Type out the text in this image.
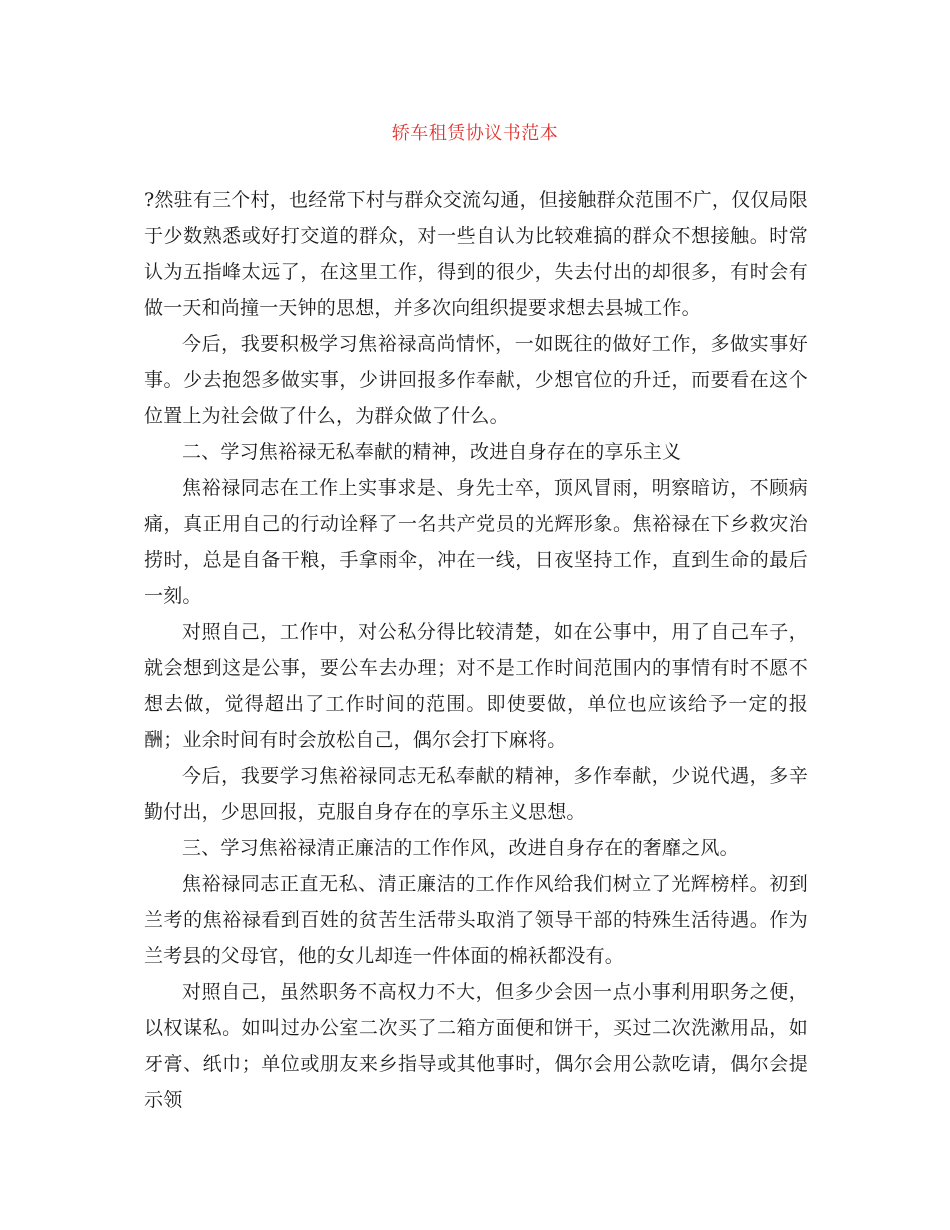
轿车租赁协议书范本

?然驻有三个村，也经常下村与群众交流勾通，但接触群众范围不广，仅仅局限于少数熟悉或好打交道的群众，对一些自认为比较难搞的群众不想接触。时常认为五指峰太远了，在这里工作，得到的很少，失去付出的却很多，有时会有做一天和尚撞一天钟的思想，并多次向组织提要求想去县城工作。

今后，我要积极学习焦裕禄高尚情怀，一如既往的做好工作，多做实事好事。少去抱怨多做实事，少讲回报多作奉献，少想官位的升迁，而要看在这个位置上为社会做了什么，为群众做了什么。

二、学习焦裕禄无私奉献的精神，改进自身存在的享乐主义

焦裕禄同志在工作上实事求是、身先士卒，顶风冒雨，明察暗访，不顾病痛，真正用自己的行动诠释了一名共产党员的光辉形象。焦裕禄在下乡救灾治捞时，总是自备干粮，手拿雨伞，冲在一线，日夜坚持工作，直到生命的最后一刻。

对照自己，工作中，对公私分得比较清楚，如在公事中，用了自己车子，就会想到这是公事，要公车去办理；对不是工作时间范围内的事情有时不愿不想去做，觉得超出了工作时间的范围。即使要做，单位也应该给予一定的报酬；业余时间有时会放松自己，偶尔会打下麻将。

今后，我要学习焦裕禄同志无私奉献的精神，多作奉献，少说代遇，多辛勤付出，少思回报，克服自身存在的享乐主义思想。

三、学习焦裕禄清正廉洁的工作作风，改进自身存在的奢靡之风。

焦裕禄同志正直无私、清正廉洁的工作作风给我们树立了光辉榜样。初到兰考的焦裕禄看到百姓的贫苦生活带头取消了领导干部的特殊生活待遇。作为兰考县的父母官，他的女儿却连一件体面的棉袄都没有。

对照自己，虽然职务不高权力不大，但多少会因一点小事利用职务之便，以权谋私。如叫过办公室二次买了二箱方面便和饼干，买过二次洗漱用品，如牙膏、纸巾；单位或朋友来乡指导或其他事时，偶尔会用公款吃请，偶尔会提示领
